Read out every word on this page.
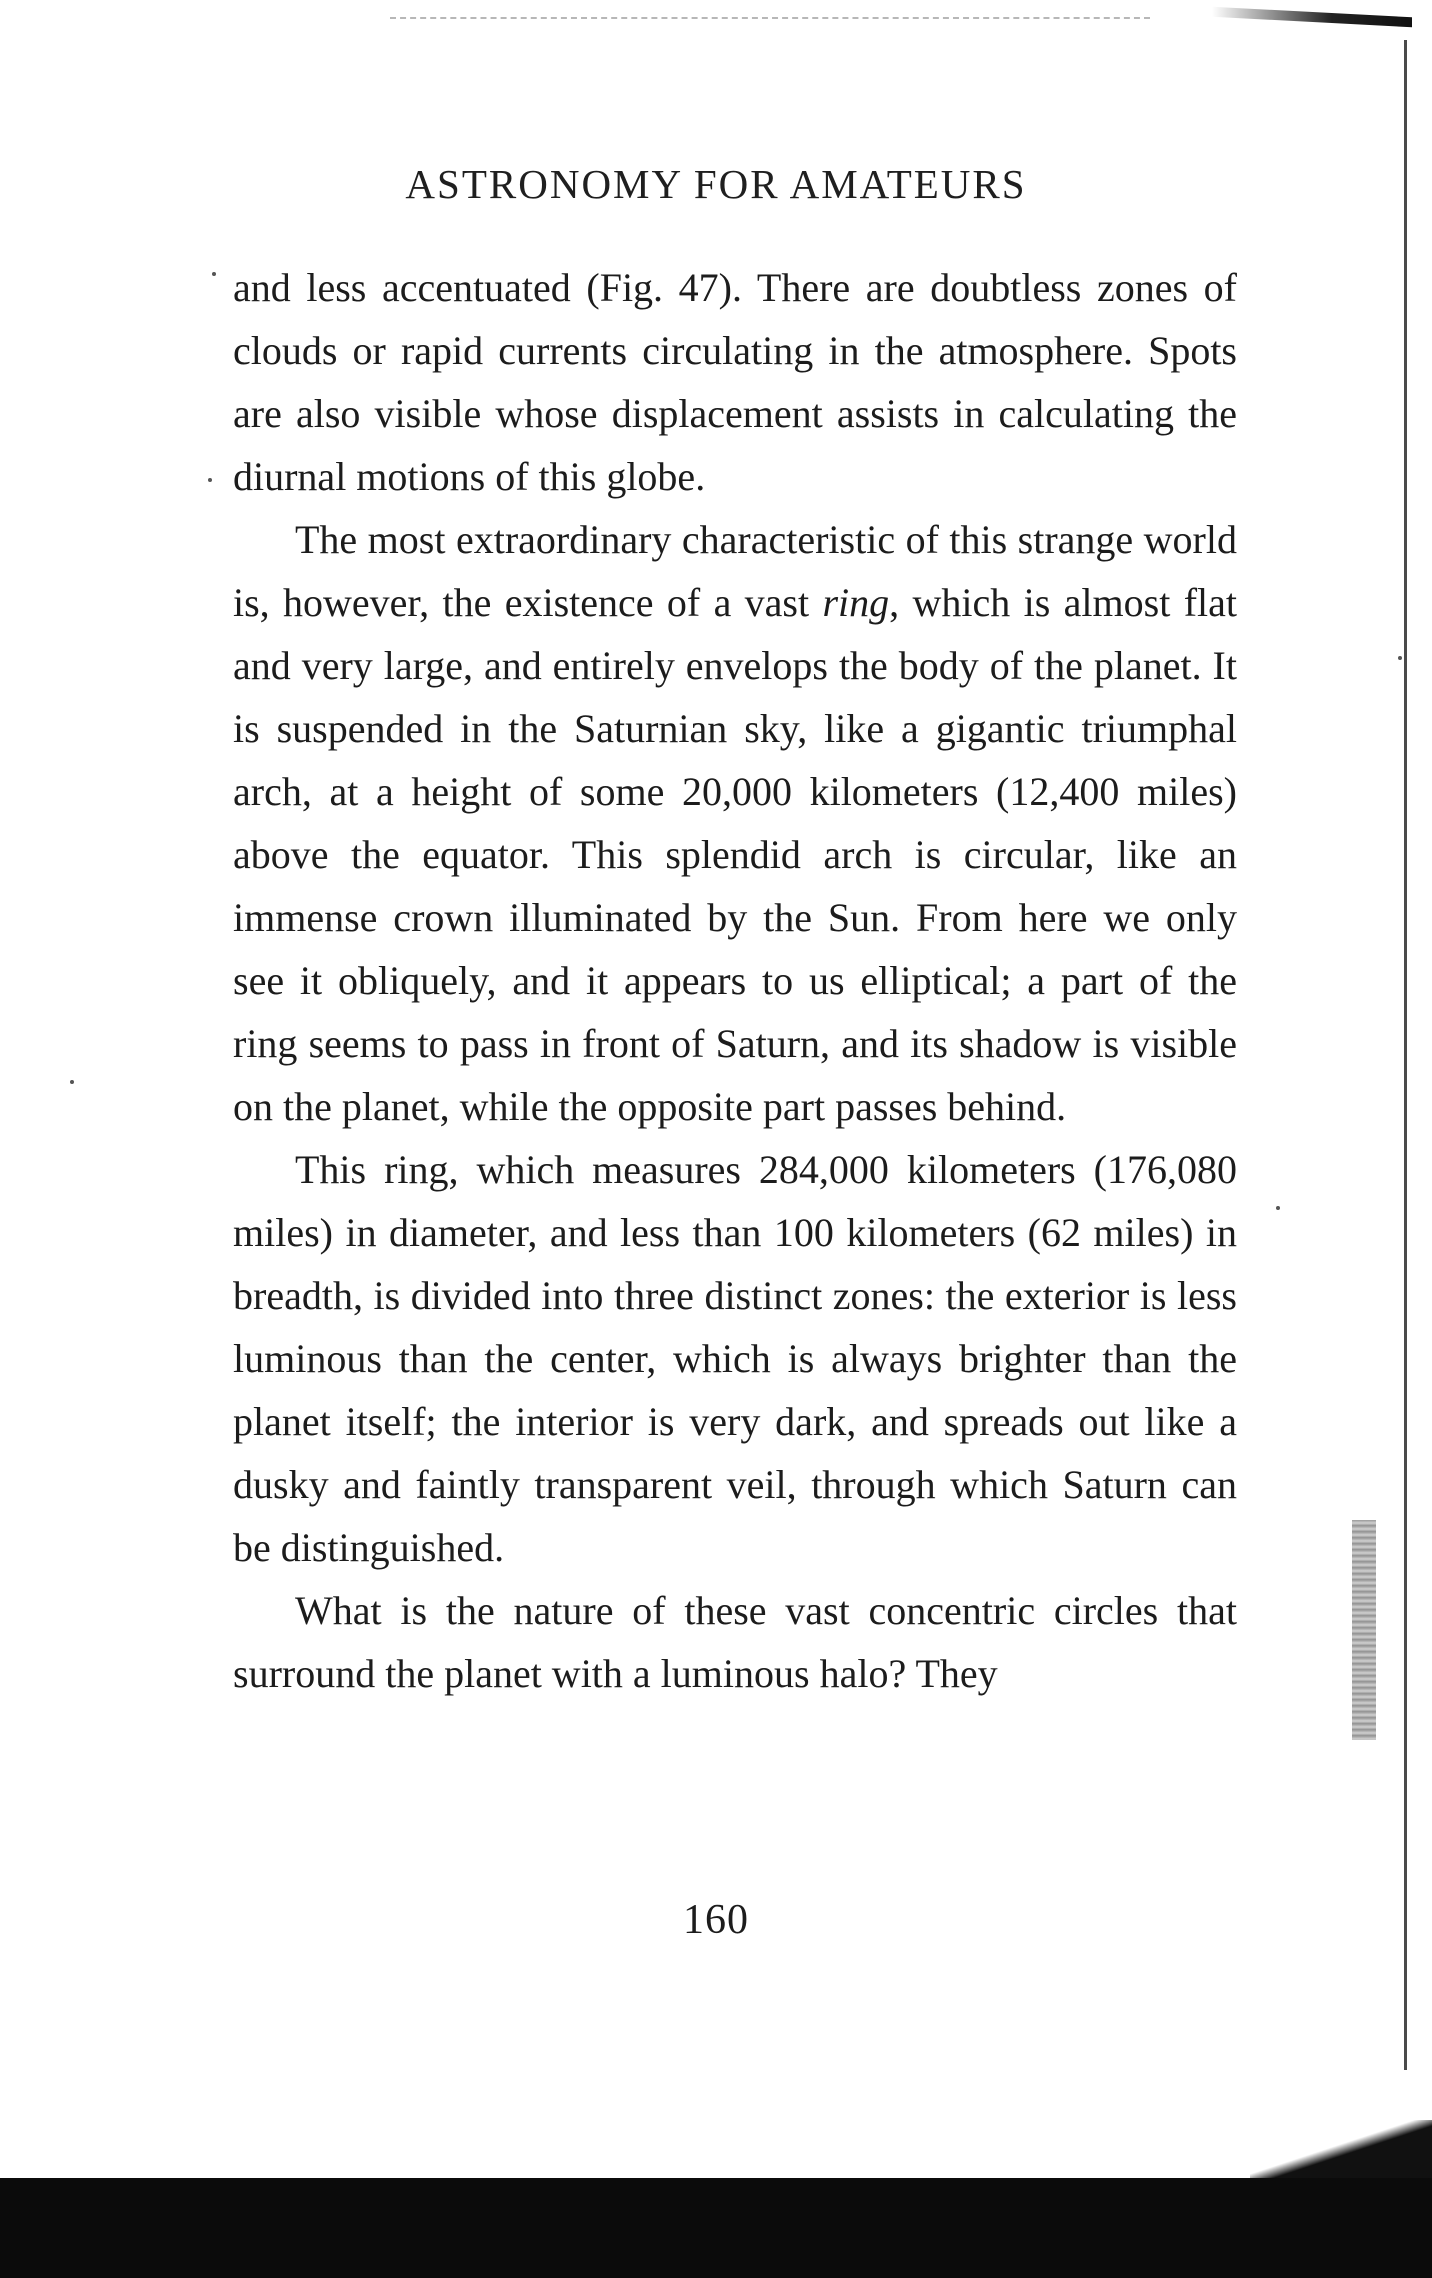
ASTRONOMY FOR AMATEURS

and less accentuated (Fig. 47). There are doubtless zones of clouds or rapid currents circulating in the atmosphere. Spots are also visible whose displacement assists in calculating the diurnal motions of this globe.

The most extraordinary characteristic of this strange world is, however, the existence of a vast ring, which is almost flat and very large, and entirely envelops the body of the planet. It is suspended in the Saturnian sky, like a gigantic triumphal arch, at a height of some 20,000 kilometers (12,400 miles) above the equator. This splendid arch is circular, like an immense crown illuminated by the Sun. From here we only see it obliquely, and it appears to us elliptical; a part of the ring seems to pass in front of Saturn, and its shadow is visible on the planet, while the opposite part passes behind.

This ring, which measures 284,000 kilometers (176,080 miles) in diameter, and less than 100 kilometers (62 miles) in breadth, is divided into three distinct zones: the exterior is less luminous than the center, which is always brighter than the planet itself; the interior is very dark, and spreads out like a dusky and faintly transparent veil, through which Saturn can be distinguished.

What is the nature of these vast concentric circles that surround the planet with a luminous halo? They

160
